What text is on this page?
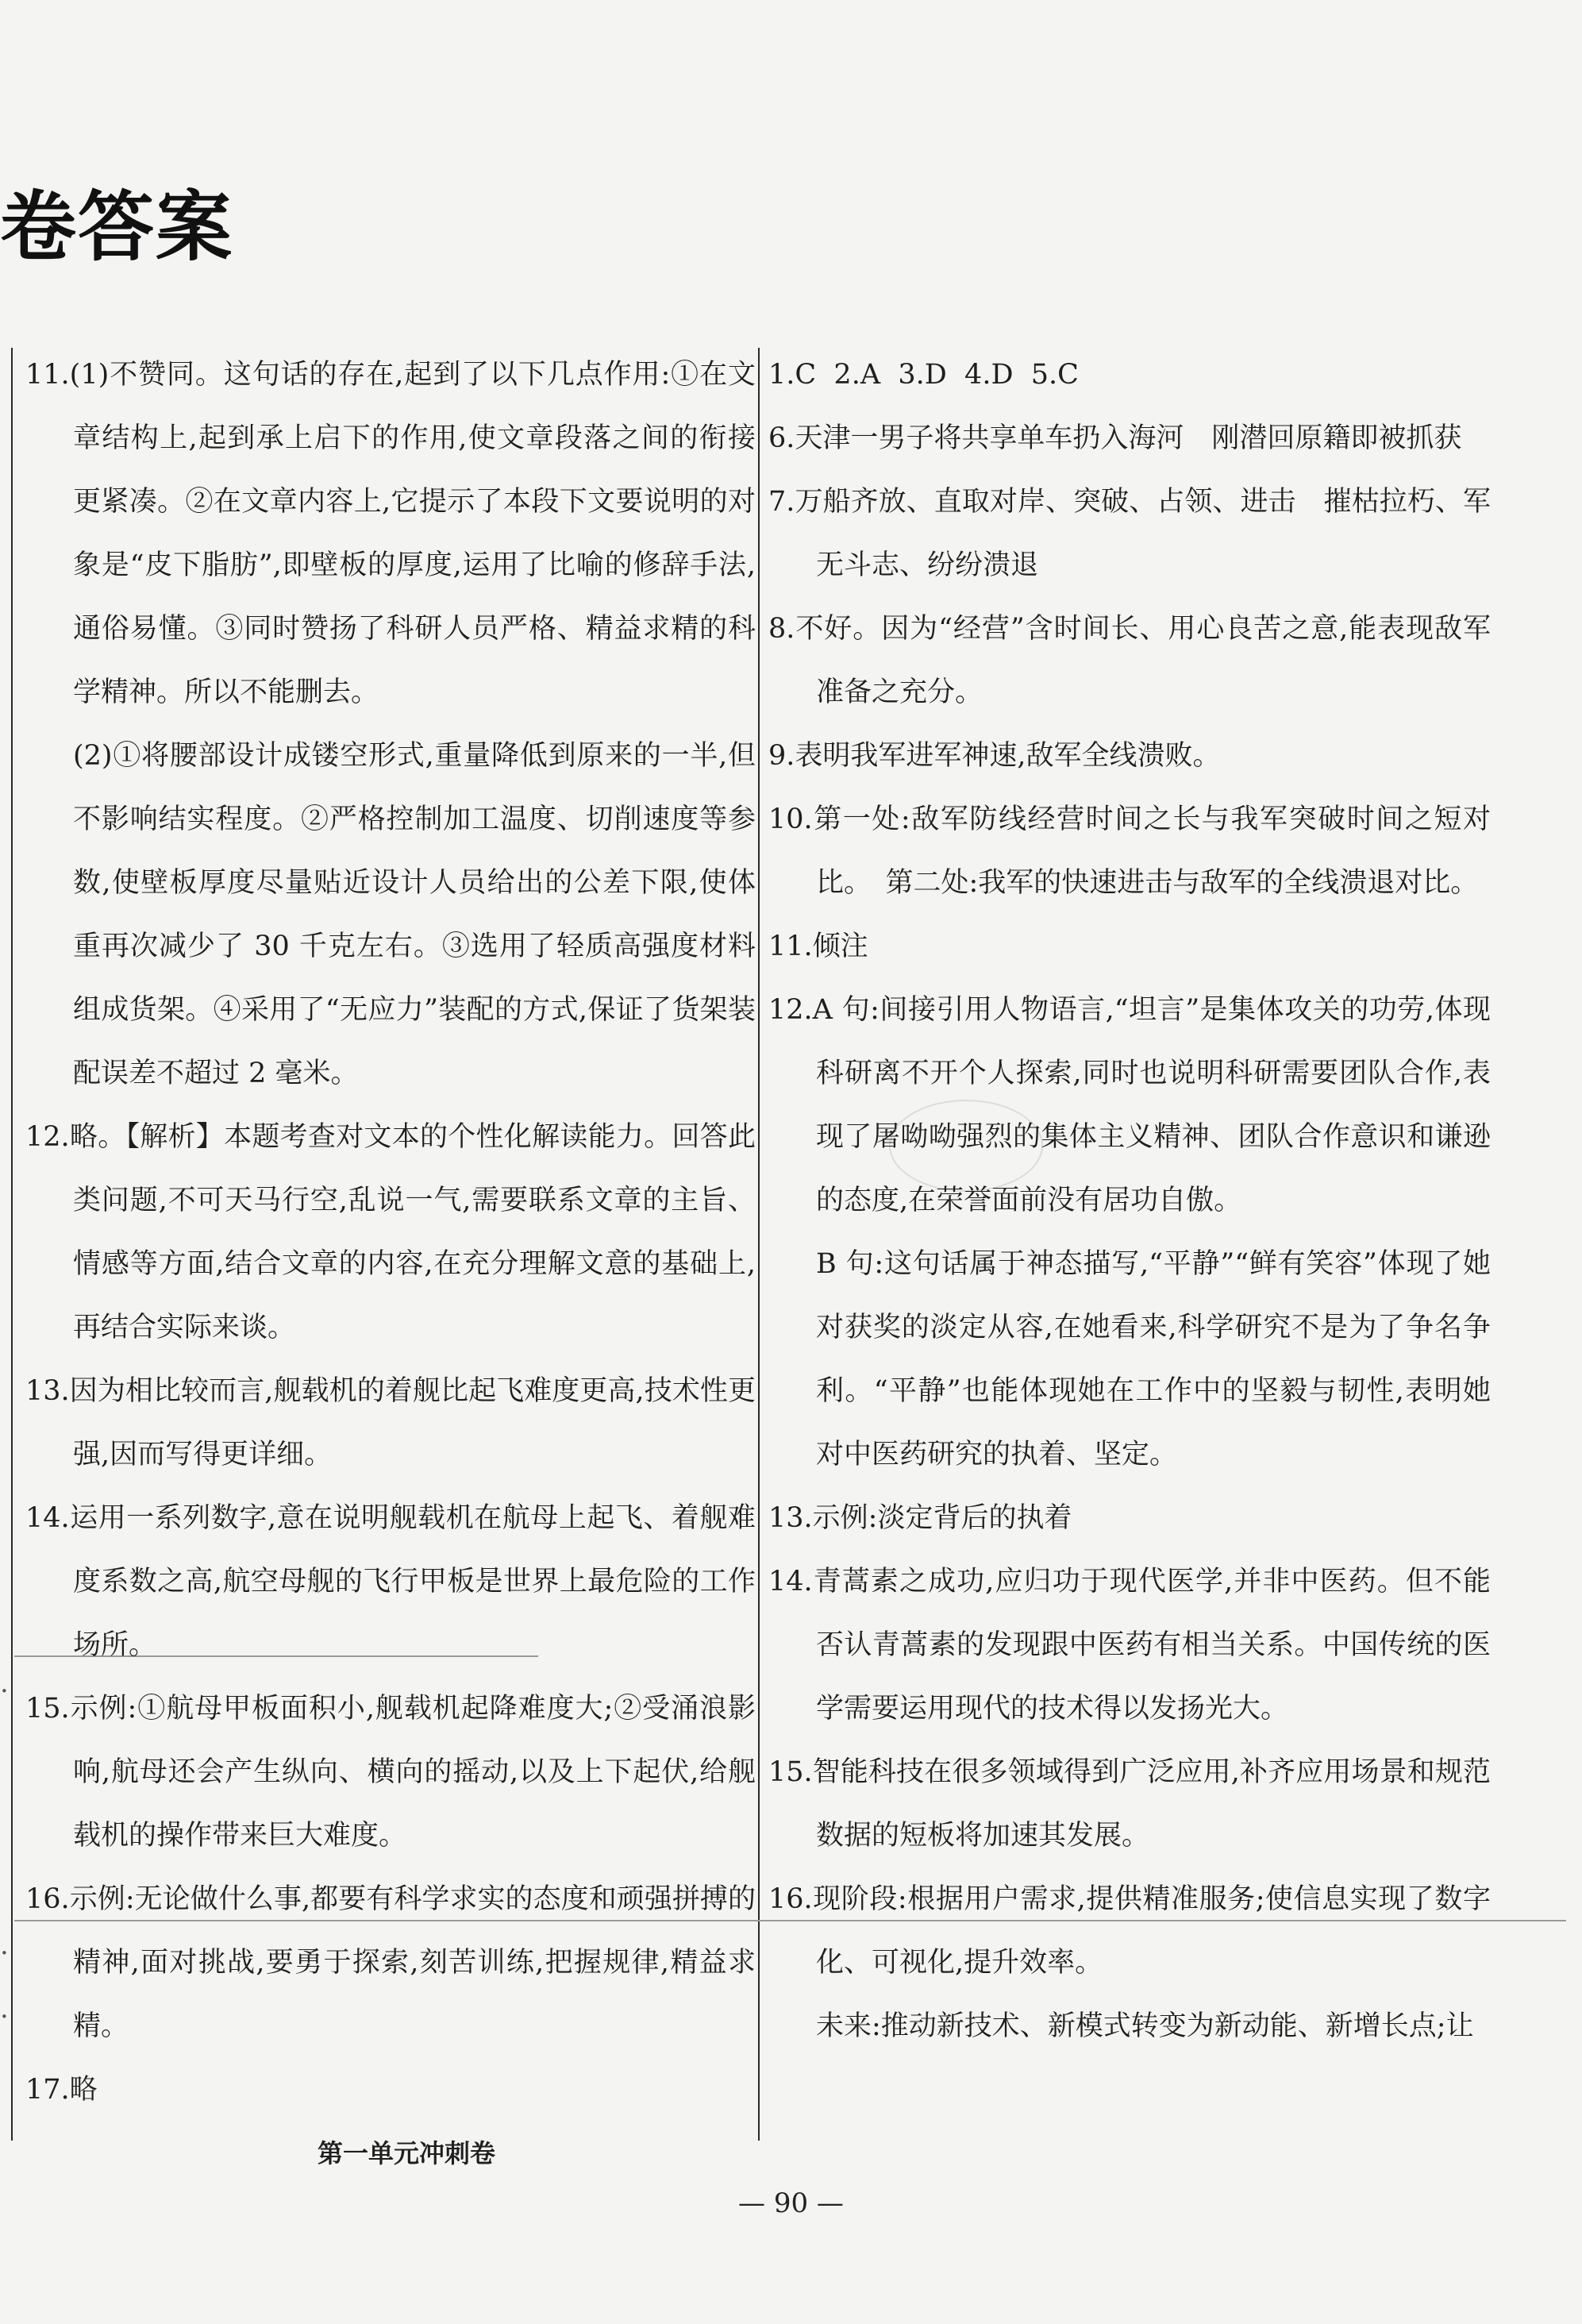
卷答案
·
·
·

11.(1)不赞同。这句话的存在,起到了以下几点作用:①在文章结构上,起到承上启下的作用,使文章段落之间的衔接更紧凑。②在文章内容上,它提示了本段下文要说明的对象是“皮下脂肪”,即壁板的厚度,运用了比喻的修辞手法,通俗易懂。③同时赞扬了科研人员严格、精益求精的科学精神。所以不能删去。

(2)①将腰部设计成镂空形式,重量降低到原来的一半,但不影响结实程度。②严格控制加工温度、切削速度等参数,使壁板厚度尽量贴近设计人员给出的公差下限,使体重再次减少了 30 千克左右。③选用了轻质高强度材料组成货架。④采用了“无应力”装配的方式,保证了货架装配误差不超过 2 毫米。

12.略。【解析】本题考查对文本的个性化解读能力。回答此类问题,不可天马行空,乱说一气,需要联系文章的主旨、情感等方面,结合文章的内容,在充分理解文意的基础上,再结合实际来谈。

13.因为相比较而言,舰载机的着舰比起飞难度更高,技术性更强,因而写得更详细。

14.运用一系列数字,意在说明舰载机在航母上起飞、着舰难度系数之高,航空母舰的飞行甲板是世界上最危险的工作场所。

15.示例:①航母甲板面积小,舰载机起降难度大;②受涌浪影响,航母还会产生纵向、横向的摇动,以及上下起伏,给舰载机的操作带来巨大难度。

16.示例:无论做什么事,都要有科学求实的态度和顽强拼搏的精神,面对挑战,要勇于探索,刻苦训练,把握规律,精益求精。

17.略

第一单元冲刺卷

1.C  2.A  3.D  4.D  5.C

6.天津一男子将共享单车扔入海河　刚潜回原籍即被抓获

7.万船齐放、直取对岸、突破、占领、进击　摧枯拉朽、军无斗志、纷纷溃退

8.不好。因为“经营”含时间长、用心良苦之意,能表现敌军准备之充分。

9.表明我军进军神速,敌军全线溃败。

10.第一处:敌军防线经营时间之长与我军突破时间之短对比。　第二处:我军的快速进击与敌军的全线溃退对比。

11.倾注

12.A 句:间接引用人物语言,“坦言”是集体攻关的功劳,体现科研离不开个人探索,同时也说明科研需要团队合作,表现了屠呦呦强烈的集体主义精神、团队合作意识和谦逊的态度,在荣誉面前没有居功自傲。

B 句:这句话属于神态描写,“平静”“鲜有笑容”体现了她对获奖的淡定从容,在她看来,科学研究不是为了争名争利。“平静”也能体现她在工作中的坚毅与韧性,表明她对中医药研究的执着、坚定。

13.示例:淡定背后的执着

14.青蒿素之成功,应归功于现代医学,并非中医药。但不能否认青蒿素的发现跟中医药有相当关系。中国传统的医学需要运用现代的技术得以发扬光大。

15.智能科技在很多领域得到广泛应用,补齐应用场景和规范数据的短板将加速其发展。

16.现阶段:根据用户需求,提供精准服务;使信息实现了数字化、可视化,提升效率。

未来:推动新技术、新模式转变为新动能、新增长点;让

— 90 —
